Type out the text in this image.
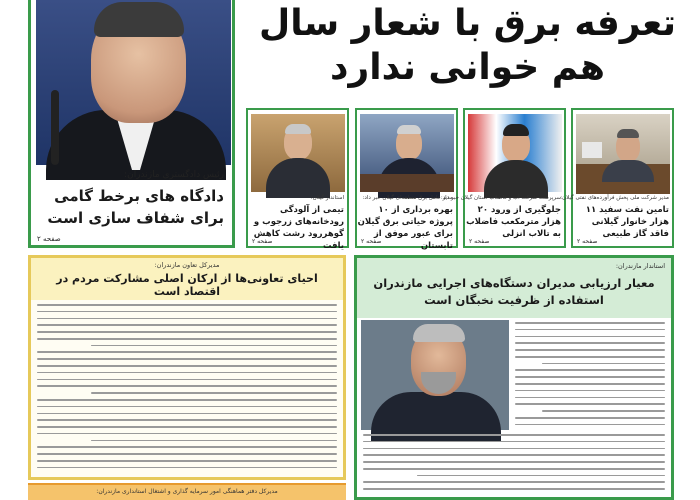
تعرفه برق با شعار سال
هم خوانی ندارد
رئیس دادگستری مازندران:
دادگاه های برخط گامی برای شفاف سازی است
صفحه ۲
استاندار گیلان:
تیمی از آلودگی رودخانه‌های زرجوب و گوهررود رشت کاهش یافت
صفحه ۲
مدیر عامل برق منطقه‌ای گیلان خبر داد:
بهره برداری از ۱۰ پروژه حیاتی برق گیلان برای عبور موفق از تابستان
صفحه ۲
سرپرست شرکت آب و فاضلاب استان گیلان خبر داد:
جلوگیری از ورود ۲۰ هزار مترمکعب فاضلاب به تالاب انزلی
صفحه ۲
مدیر شرکت ملی پخش فرآورده‌های نفتی گیلان:
تامین نفت سفید ۱۱ هزار خانوار گیلانی فاقد گاز طبیعی
صفحه ۲
مدیرکل تعاون مازندران:
احیای تعاونی‌ها از ارکان اصلی مشارکت مردم در اقتصاد است
استاندار مازندران:
معیار ارزیابی مدیران دستگاه‌های اجرایی مازندران
استفاده از ظرفیت نخبگان است
مدیرکل دفتر هماهنگی امور سرمایه گذاری و اشتغال استانداری مازندران:
